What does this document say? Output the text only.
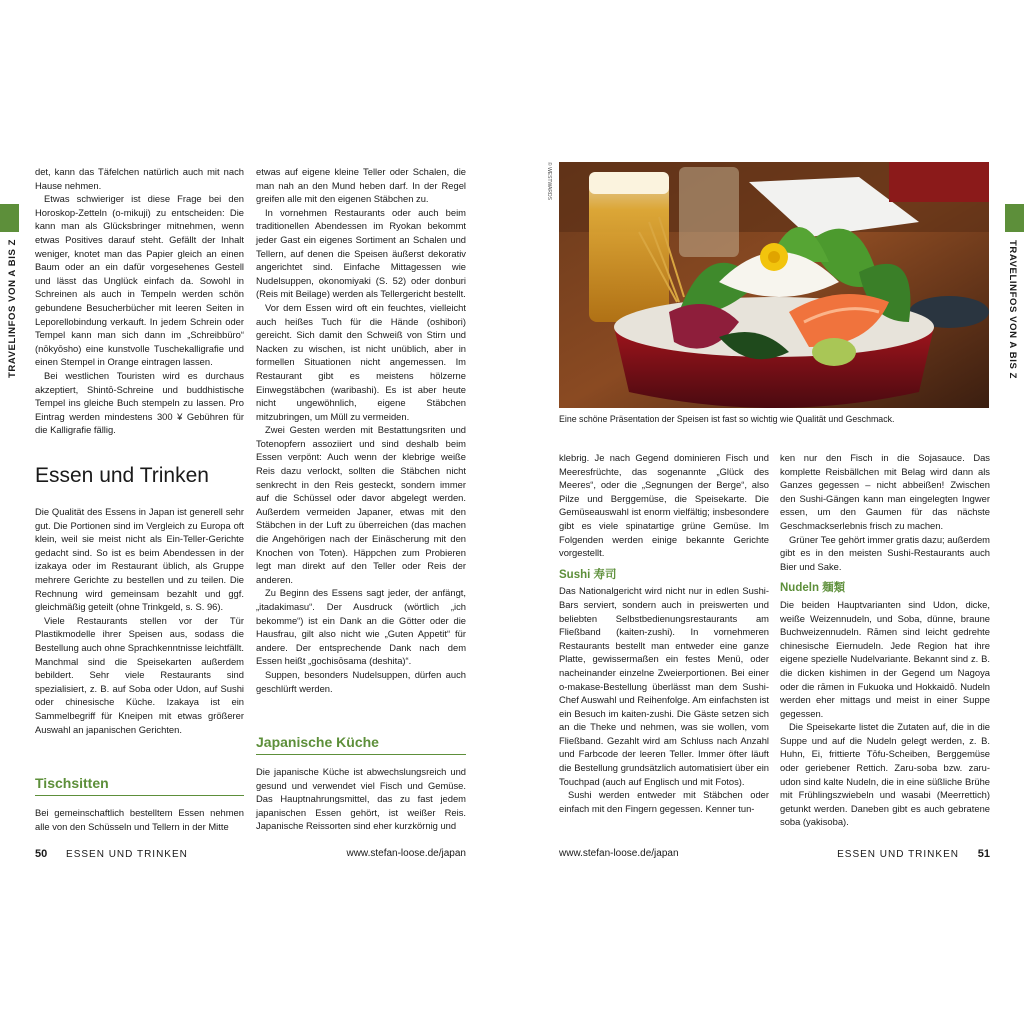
TRAVELINFOS VON A BIS Z	TRAVELINFOS VON A BIS Z

det, kann das Täfelchen natürlich auch mit nach Hause nehmen.

Etwas schwieriger ist diese Frage bei den Horoskop-Zetteln (o-mikuji) zu entscheiden: Die kann man als Glücksbringer mitnehmen, wenn etwas Positives darauf steht. Gefällt der Inhalt weniger, knotet man das Papier gleich an einen Baum oder an ein dafür vorgesehenes Gestell und lässt das Unglück einfach da. Sowohl in Schreinen als auch in Tempeln werden schön gebundene Besucherbücher mit leeren Seiten in Leporellobindung verkauft. In jedem Schrein oder Tempel kann man sich dann im „Schreibbüro“ (nōkyōsho) eine kunstvolle Tuschekalligrafie und einen Stempel in Orange eintragen lassen.

Bei westlichen Touristen wird es durchaus akzeptiert, Shintō-Schreine und buddhistische Tempel ins gleiche Buch stempeln zu lassen. Pro Eintrag werden mindestens 300 ¥ Gebühren für die Kalligrafie fällig.

Essen und Trinken

Die Qualität des Essens in Japan ist generell sehr gut. Die Portionen sind im Vergleich zu Europa oft klein, weil sie meist nicht als Ein-Teller-Gerichte gedacht sind. So ist es beim Abendessen in der izakaya oder im Restaurant üblich, als Gruppe mehrere Gerichte zu bestellen und zu teilen. Die Rechnung wird gemeinsam bezahlt und ggf. gleichmäßig geteilt (ohne Trinkgeld, s. S. 96).

Viele Restaurants stellen vor der Tür Plastikmodelle ihrer Speisen aus, sodass die Bestellung auch ohne Sprachkenntnisse leichtfällt. Manchmal sind die Speisekarten außerdem bebildert. Sehr viele Restaurants sind spezialisiert, z. B. auf Soba oder Udon, auf Sushi oder chinesische Küche. Izakaya ist ein Sammelbegriff für Kneipen mit etwas größerer Auswahl an japanischen Gerichten.

Tischsitten

Bei gemeinschaftlich bestelltem Essen nehmen alle von den Schüsseln und Tellern in der Mitte

etwas auf eigene kleine Teller oder Schalen, die man nah an den Mund heben darf. In der Regel greifen alle mit den eigenen Stäbchen zu.

In vornehmen Restaurants oder auch beim traditionellen Abendessen im Ryokan bekommt jeder Gast ein eigenes Sortiment an Schalen und Tellern, auf denen die Speisen äußerst dekorativ angerichtet sind. Einfache Mittagessen wie Nudelsuppen, okonomiyaki (S. 52) oder donburi (Reis mit Beilage) werden als Tellergericht bestellt.

Vor dem Essen wird oft ein feuchtes, vielleicht auch heißes Tuch für die Hände (oshibori) gereicht. Sich damit den Schweiß von Stirn und Nacken zu wischen, ist nicht unüblich, aber in formellen Situationen nicht angemessen. Im Restaurant gibt es meistens hölzerne Einwegstäbchen (waribashi). Es ist aber heute nicht ungewöhnlich, eigene Stäbchen mitzubringen, um Müll zu vermeiden.

Zwei Gesten werden mit Bestattungsriten und Totenopfern assoziiert und sind deshalb beim Essen verpönt: Auch wenn der klebrige weiße Reis dazu verlockt, sollten die Stäbchen nicht senkrecht in den Reis gesteckt, sondern immer auf die Schüssel oder davor abgelegt werden. Außerdem vermeiden Japaner, etwas mit den Stäbchen in der Luft zu überreichen (das machen die Angehörigen nach der Einäscherung mit den Knochen von Toten). Häppchen zum Probieren legt man direkt auf den Teller oder Reis der anderen.

Zu Beginn des Essens sagt jeder, der anfängt, „itadakimasu“. Der Ausdruck (wörtlich „ich bekomme“) ist ein Dank an die Götter oder die Hausfrau, gilt also nicht wie „Guten Appetit“ für andere. Der entsprechende Dank nach dem Essen heißt „gochisōsama (deshita)“.

Suppen, besonders Nudelsuppen, dürfen auch geschlürft werden.

Japanische Küche

Die japanische Küche ist abwechslungsreich und gesund und verwendet viel Fisch und Gemüse. Das Hauptnahrungsmittel, das zu fast jedem japanischen Essen gehört, ist weißer Reis. Japanische Reissorten sind eher kurzkörnig und

50 ESSEN UND TRINKEN	www.stefan-loose.de/japan
© WESTWARDS
Eine schöne Präsentation der Speisen ist fast so wichtig wie Qualität und Geschmack.

klebrig. Je nach Gegend dominieren Fisch und Meeresfrüchte, das sogenannte „Glück des Meeres“, oder die „Segnungen der Berge“, also Pilze und Berggemüse, die Speisekarte. Die Gemüseauswahl ist enorm vielfältig; insbesondere gibt es viele spinatartige grüne Gemüse. Im Folgenden werden einige bekannte Gerichte vorgestellt.

Sushi 寿司

Das Nationalgericht wird nicht nur in edlen Sushi-Bars serviert, sondern auch in preiswerten und beliebten Selbstbedienungsrestaurants am Fließband (kaiten-zushi). In vornehmeren Restaurants bestellt man entweder eine ganze Platte, gewissermaßen ein festes Menü, oder nacheinander einzelne Zweierportionen. Bei einer o-makase-Bestellung überlässt man dem Sushi-Chef Auswahl und Reihenfolge. Am einfachsten ist ein Besuch im kaiten-zushi. Die Gäste setzen sich an die Theke und nehmen, was sie wollen, vom Fließband. Gezahlt wird am Schluss nach Anzahl und Farbcode der leeren Teller. Immer öfter läuft die Bestellung grundsätzlich automatisiert über ein Touchpad (auch auf Englisch und mit Fotos).

Sushi werden entweder mit Stäbchen oder einfach mit den Fingern gegessen. Kenner tun-

ken nur den Fisch in die Sojasauce. Das komplette Reisbällchen mit Belag wird dann als Ganzes gegessen – nicht abbeißen! Zwischen den Sushi-Gängen kann man eingelegten Ingwer essen, um den Gaumen für das nächste Geschmackserlebnis frisch zu machen.

Grüner Tee gehört immer gratis dazu; außerdem gibt es in den meisten Sushi-Restaurants auch Bier und Sake.

Nudeln 麺類

Die beiden Hauptvarianten sind Udon, dicke, weiße Weizennudeln, und Soba, dünne, braune Buchweizennudeln. Rāmen sind leicht gedrehte chinesische Eiernudeln. Jede Region hat ihre eigene spezielle Nudelvariante. Bekannt sind z. B. die dicken kishimen in der Gegend um Nagoya oder die rāmen in Fukuoka und Hokkaidō. Nudeln werden eher mittags und meist in einer Suppe gegessen.

Die Speisekarte listet die Zutaten auf, die in die Suppe und auf die Nudeln gelegt werden, z. B. Huhn, Ei, frittierte Tōfu-Scheiben, Berggemüse oder geriebener Rettich. Zaru-soba bzw. zaru-udon sind kalte Nudeln, die in eine süßliche Brühe mit Frühlingszwiebeln und wasabi (Meerrettich) getunkt werden. Daneben gibt es auch gebratene soba (yakisoba).

www.stefan-loose.de/japan	ESSEN UND TRINKEN 51
